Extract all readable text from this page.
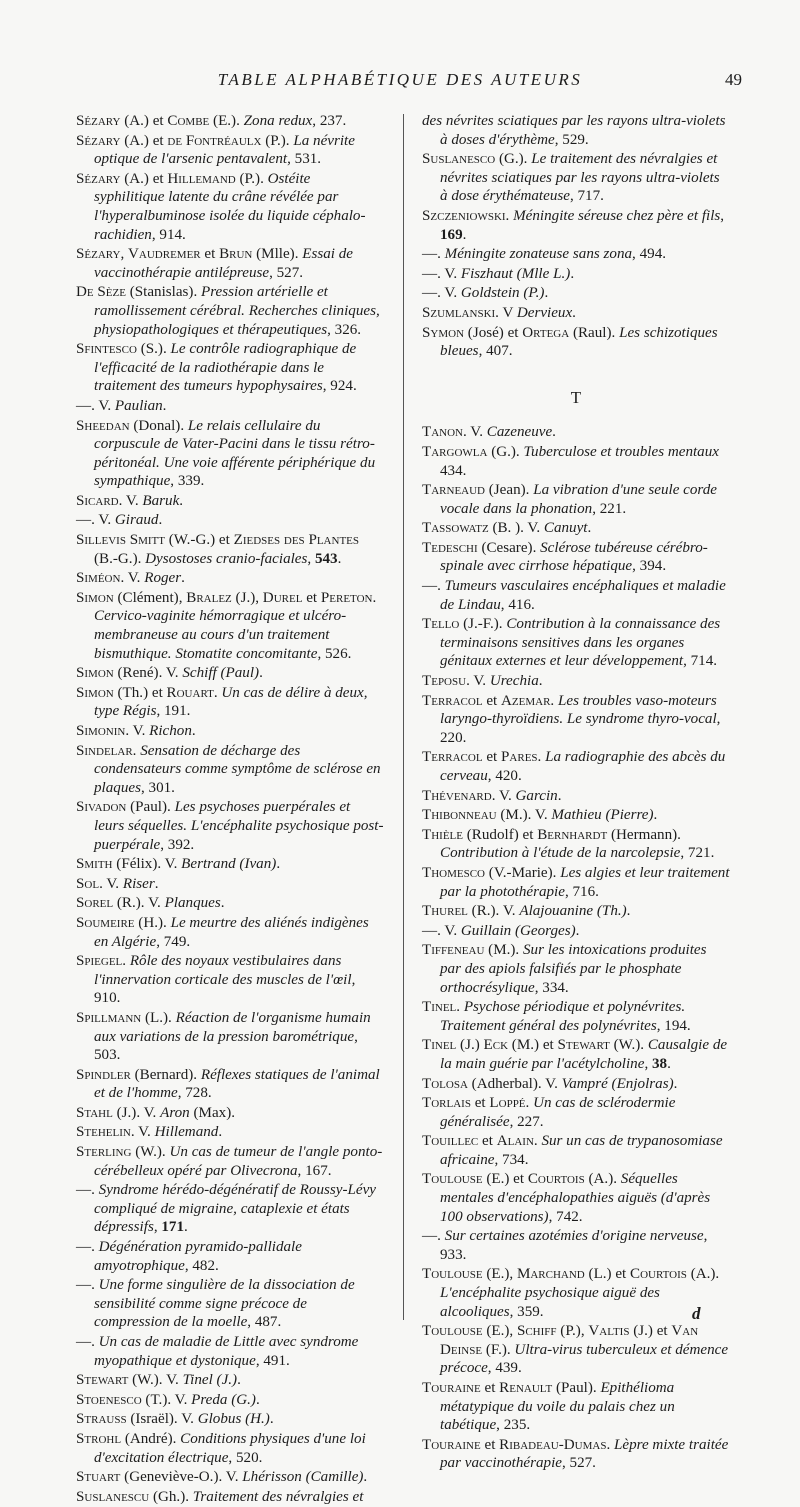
TABLE ALPHABÉTIQUE DES AUTEURS	49
Sézary (A.) et Combe (E.). Zona redux, 237.
Sézary (A.) et de Fontréaulx (P.). La névrite optique de l'arsenic pentavalent, 531.
Sézary (A.) et Hillemand (P.). Ostéite syphilitique latente du crâne révélée par l'hyperalbuminose isolée du liquide céphalo-rachidien, 914.
Sézary, Vaudremer et Brun (Mlle). Essai de vaccinothérapie antilépreuse, 527.
De Sèze (Stanislas). Pression artérielle et ramollissement cérébral. Recherches cliniques, physiopathologiques et thérapeutiques, 326.
Sfintesco (S.). Le contrôle radiographique de l'efficacité de la radiothérapie dans le traitement des tumeurs hypophysaires, 924.
—. V. Paulian.
Sheedan (Donal). Le relais cellulaire du corpuscule de Vater-Pacini dans le tissu rétro-péritonéal. Une voie afférente périphérique du sympathique, 339.
Sicard. V. Baruk.
—. V. Giraud.
Sillevis Smitt (W.-G.) et Ziedses des Plantes (B.-G.). Dysostoses cranio-faciales, 543.
Siméon. V. Roger.
Simon (Clément), Bralez (J.), Durel et Pereton. Cervico-vaginite hémorragique et ulcéro-membraneuse au cours d'un traitement bismuthique. Stomatite concomitante, 526.
Simon (René). V. Schiff (Paul).
Simon (Th.) et Rouart. Un cas de délire à deux, type Régis, 191.
Simonin. V. Richon.
Sindelar. Sensation de décharge des condensateurs comme symptôme de sclérose en plaques, 301.
Sivadon (Paul). Les psychoses puerpérales et leurs séquelles. L'encéphalite psychosique post-puerpérale, 392.
Smith (Félix). V. Bertrand (Ivan).
Sol. V. Riser.
Sorel (R.). V. Planques.
Soumeire (H.). Le meurtre des aliénés indigènes en Algérie, 749.
Spiegel. Rôle des noyaux vestibulaires dans l'innervation corticale des muscles de l'œil, 910.
Spillmann (L.). Réaction de l'organisme humain aux variations de la pression barométrique, 503.
Spindler (Bernard). Réflexes statiques de l'animal et de l'homme, 728.
Stahl (J.). V. Aron (Max).
Stehelin. V. Hillemand.
Sterling (W.). Un cas de tumeur de l'angle ponto-cérébelleux opéré par Olivecrona, 167.
—. Syndrome hérédo-dégénératif de Roussy-Lévy compliqué de migraine, cataplexie et états dépressifs, 171.
—. Dégénération pyramido-pallidale amyotrophique, 482.
—. Une forme singulière de la dissociation de sensibilité comme signe précoce de compression de la moelle, 487.
—. Un cas de maladie de Little avec syndrome myopathique et dystonique, 491.
Stewart (W.). V. Tinel (J.).
Stoenesco (T.). V. Preda (G.).
Strauss (Israël). V. Globus (H.).
Strohl (André). Conditions physiques d'une loi d'excitation électrique, 520.
Stuart (Geneviève-O.). V. Lhérisson (Camille).
Suslanescu (Gh.). Traitement des névralgies et
des névrites sciatiques par les rayons ultra-violets à doses d'érythème, 529.
Suslanesco (G.). Le traitement des névralgies et névrites sciatiques par les rayons ultra-violets à dose érythémateuse, 717.
Szczeniowski. Méningite séreuse chez père et fils, 169.
—. Méningite zonateuse sans zona, 494.
—. V. Fiszhaut (Mlle L.).
—. V. Goldstein (P.).
Szumlanski. V Dervieux.
Symon (José) et Ortega (Raul). Les schizotiques bleues, 407.
T
Tanon. V. Cazeneuve.
Targowla (G.). Tuberculose et troubles mentaux 434.
Tarneaud (Jean). La vibration d'une seule corde vocale dans la phonation, 221.
Tassowatz (B. ). V. Canuyt.
Tedeschi (Cesare). Sclérose tubéreuse cérébro-spinale avec cirrhose hépatique, 394.
—. Tumeurs vasculaires encéphaliques et maladie de Lindau, 416.
Tello (J.-F.). Contribution à la connaissance des terminaisons sensitives dans les organes génitaux externes et leur développement, 714.
Teposu. V. Urechia.
Terracol et Azemar. Les troubles vaso-moteurs laryngo-thyroïdiens. Le syndrome thyro-vocal, 220.
Terracol et Pares. La radiographie des abcès du cerveau, 420.
Thévenard. V. Garcin.
Thibonneau (M.). V. Mathieu (Pierre).
Thièle (Rudolf) et Bernhardt (Hermann). Contribution à l'étude de la narcolepsie, 721.
Thomesco (V.-Marie). Les algies et leur traitement par la photothérapie, 716.
Thurel (R.). V. Alajouanine (Th.).
—. V. Guillain (Georges).
Tiffeneau (M.). Sur les intoxications produites par des apiols falsifiés par le phosphate orthocrésylique, 334.
Tinel. Psychose périodique et polynévrites. Traitement général des polynévrites, 194.
Tinel (J.) Eck (M.) et Stewart (W.). Causalgie de la main guérie par l'acétylcholine, 38.
Tolosa (Adherbal). V. Vampré (Enjolras).
Torlais et Loppé. Un cas de sclérodermie généralisée, 227.
Touillec et Alain. Sur un cas de trypanosomiase africaine, 734.
Toulouse (E.) et Courtois (A.). Séquelles mentales d'encéphalopathies aiguës (d'après 100 observations), 742.
—. Sur certaines azotémies d'origine nerveuse, 933.
Toulouse (E.), Marchand (L.) et Courtois (A.). L'encéphalite psychosique aiguë des alcooliques, 359.
Toulouse (E.), Schiff (P.), Valtis (J.) et Van Deinse (F.). Ultra-virus tuberculeux et démence précoce, 439.
Touraine et Renault (Paul). Epithélioma métatypique du voile du palais chez un tabétique, 235.
Touraine et Ribadeau-Dumas. Lèpre mixte traitée par vaccinothérapie, 527.
d
